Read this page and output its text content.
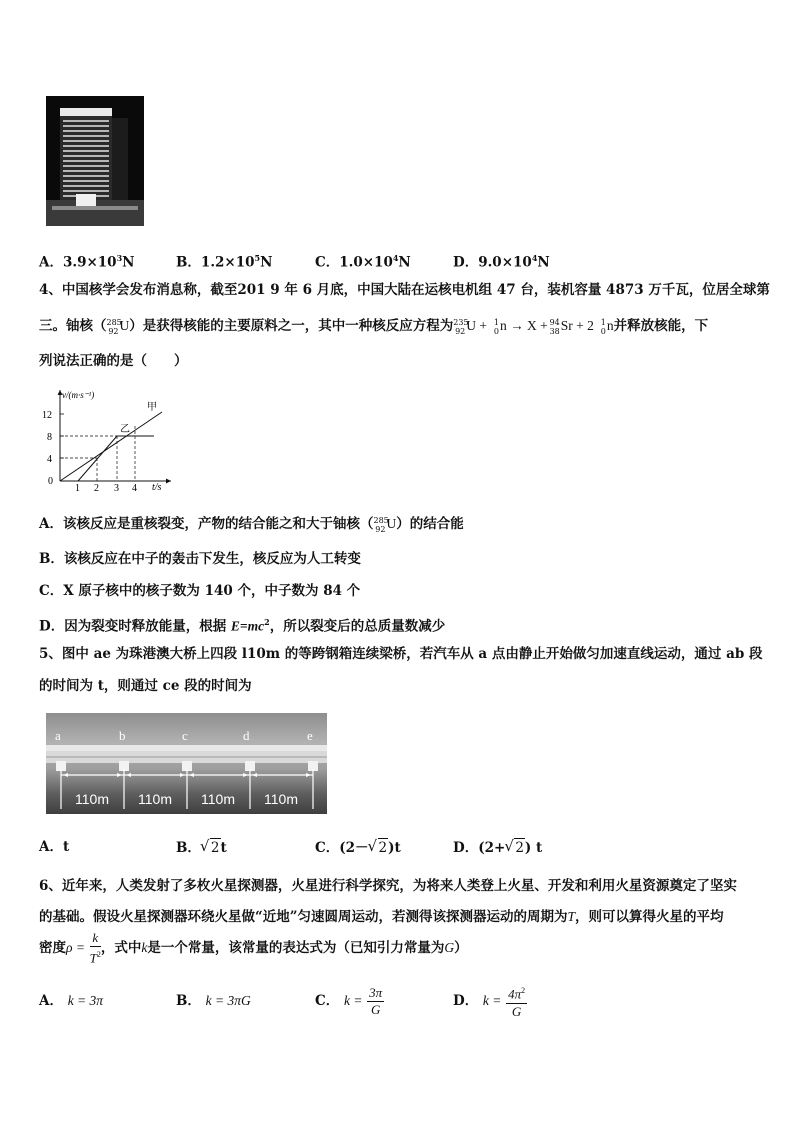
A．$3.9\times 10^3N$	B．$1.2\times 10^5N$	C．$1.0\times 10^4N$	D．$9.0\times 10^4N$
4、中国核学会发布消息称，截至201 9 年 6 月底，中国大陆在运核电机组 47 台，装机容量 4873 万千瓦，位居全球第
三。铀核（ 285
92 U）是获得核能的主要原料之一，其中一种核反应方程为 235
92 U + 1
0 n → X + 94
38 Sr + 2 1
0 n并释放核能，下
列说法正确的是（　　）
v/(m·s⁻¹)
t/s
12
8
4
0
1 2 3 4
甲
乙
A．该核反应是重核裂变，产物的结合能之和大于铀核（ 285
92 U）的结合能
B．该核反应在中子的轰击下发生，核反应为人工转变
C．X 原子核中的核子数为 140 个，中子数为 84 个
D．因为裂变时释放能量，根据 $E=mc^2$，所以裂变后的总质量数减少
5、图中 ae 为珠港澳大桥上四段 l10m 的等跨钢箱连续梁桥，若汽车从 a 点由静止开始做匀加速直线运动，通过 ab 段
的时间为 t，则通过 ce 段的时间为
a	b	c	d	e
110m 110m 110m 110m
A．t	B． √ 2t	C．(2－ √ 2)t	D．(2+ √ 2) t
6、近年来，人类发射了多枚火星探测器，火星进行科学探究，为将来人类登上火星、开发和利用火星资源奠定了坚实
的基础。假设火星探测器环绕火星做“近地”匀速圆周运动，若测得该探测器运动的周期为T，则可以算得火星的平均
密度$\rho = \frac{k}{T^2}$ ，式中k是一个常量，该常量的表达式为（已知引力常量为G）
A． k = 3π	B． k = 3πG	C． $k = \frac{3\pi}{G}$	D． $k = \frac{4\pi^2}{G}$
